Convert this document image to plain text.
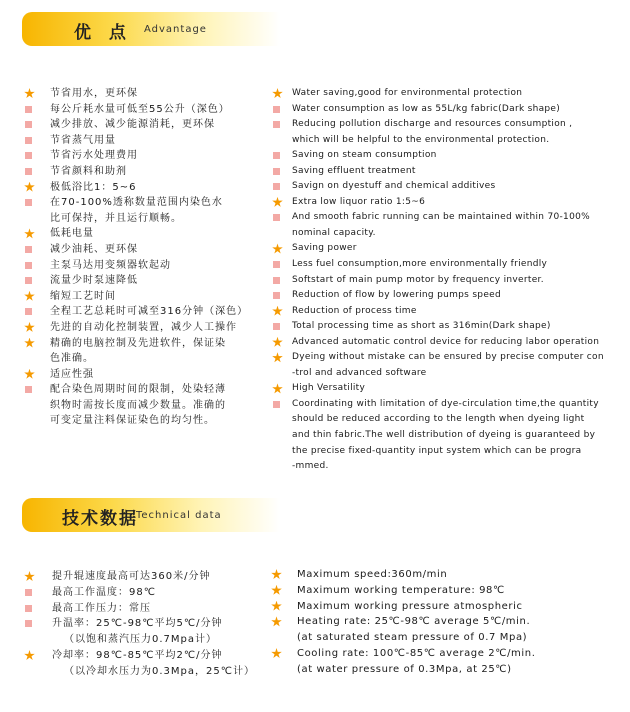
优 点 Advantage
节省用水，更环保
每公斤耗水量可低至55公升（深色）
减少排放、减少能源消耗，更环保
节省蒸气用量
节省污水处理费用
节省颜料和助剂
极低浴比1：5~6
在70-100%透称数量范围内染色水
比可保持，并且运行顺畅。
低耗电量
减少油耗、更环保
主泵马达用变频器软起动
流量少时泵速降低
缩短工艺时间
全程工艺总耗时可减至316分钟（深色）
先进的自动化控制装置，减少人工操作
精确的电脑控制及先进软件，保证染
色准确。
适应性强
配合染色周期时间的限制，处染轻薄
织物时需按长度而减少数量。准确的
可变定量注料保证染色的均匀性。
Water saving,good for environmental protection
Water consumption as low as 55L/kg fabric(Dark shape)
Reducing pollution discharge and resources consumption ,
which will be helpful to the environmental protection.
Saving on steam consumption
Saving effluent treatment
Savign on dyestuff and chemical additives
Extra low liquor ratio 1:5~6
And smooth fabric running can be maintained within 70-100%
nominal capacity.
Saving power
Less fuel consumption,more environmentally friendly
Softstart of main pump motor by frequency inverter.
Reduction of flow by lowering pumps speed
Reduction of process time
Total processing time as short as 316min(Dark shape)
Advanced automatic control device for reducing labor operation
Dyeing without mistake can be ensured by precise computer con
-trol and advanced software
High Versatility
Coordinating with limitation of dye-circulation time,the quantity
should be reduced according to the length when dyeing light
and thin fabric.The well distribution of dyeing is guaranteed by
the precise fixed-quantity input system which can be progra
-mmed.
技术数据
Technical data
提升辊速度最高可达360米/分钟
最高工作温度：98℃
最高工作压力：常压
升温率：25℃-98℃平均5℃/分钟
（以饱和蒸汽压力0.7Mpa计）
冷却率：98℃-85℃平均2℃/分钟
（以冷却水压力为0.3Mpa，25℃计）
Maximum speed:360m/min
Maximum working temperature: 98℃
Maximum working pressure atmospheric
Heating rate: 25℃-98℃ average 5℃/min.
(at saturated steam pressure of 0.7 Mpa)
Cooling rate: 100℃-85℃ average 2℃/min.
(at water pressure of 0.3Mpa, at 25℃)
